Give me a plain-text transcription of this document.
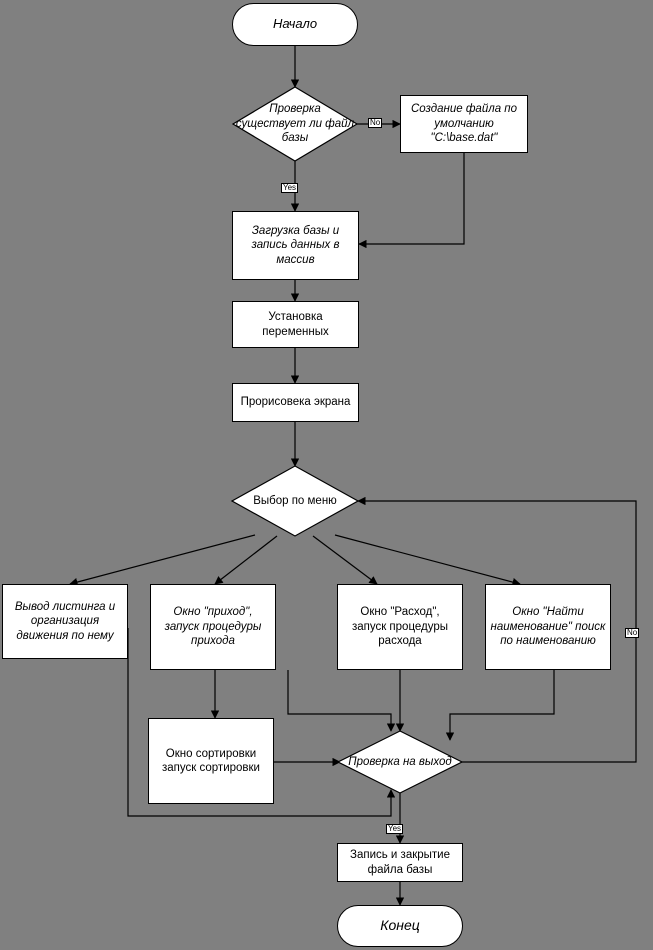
Начало
Проверка существует ли файл базы
Создание файла по умолчанию "C:\base.dat"
Загрузка базы и запись данных в массив
Установка переменных
Прорисовека экрана
Выбор по меню
Вывод листинга и организация движения по нему
Окно "приход", запуск процедуры прихода
Окно "Расход", запуск процедуры расхода
Окно "Найти наименование" поиск по наименованию
Окно сортировки запуск сортировки
Проверка на выход
Запись и закрытие файла базы
Конец
No
Yes
No
Yes
